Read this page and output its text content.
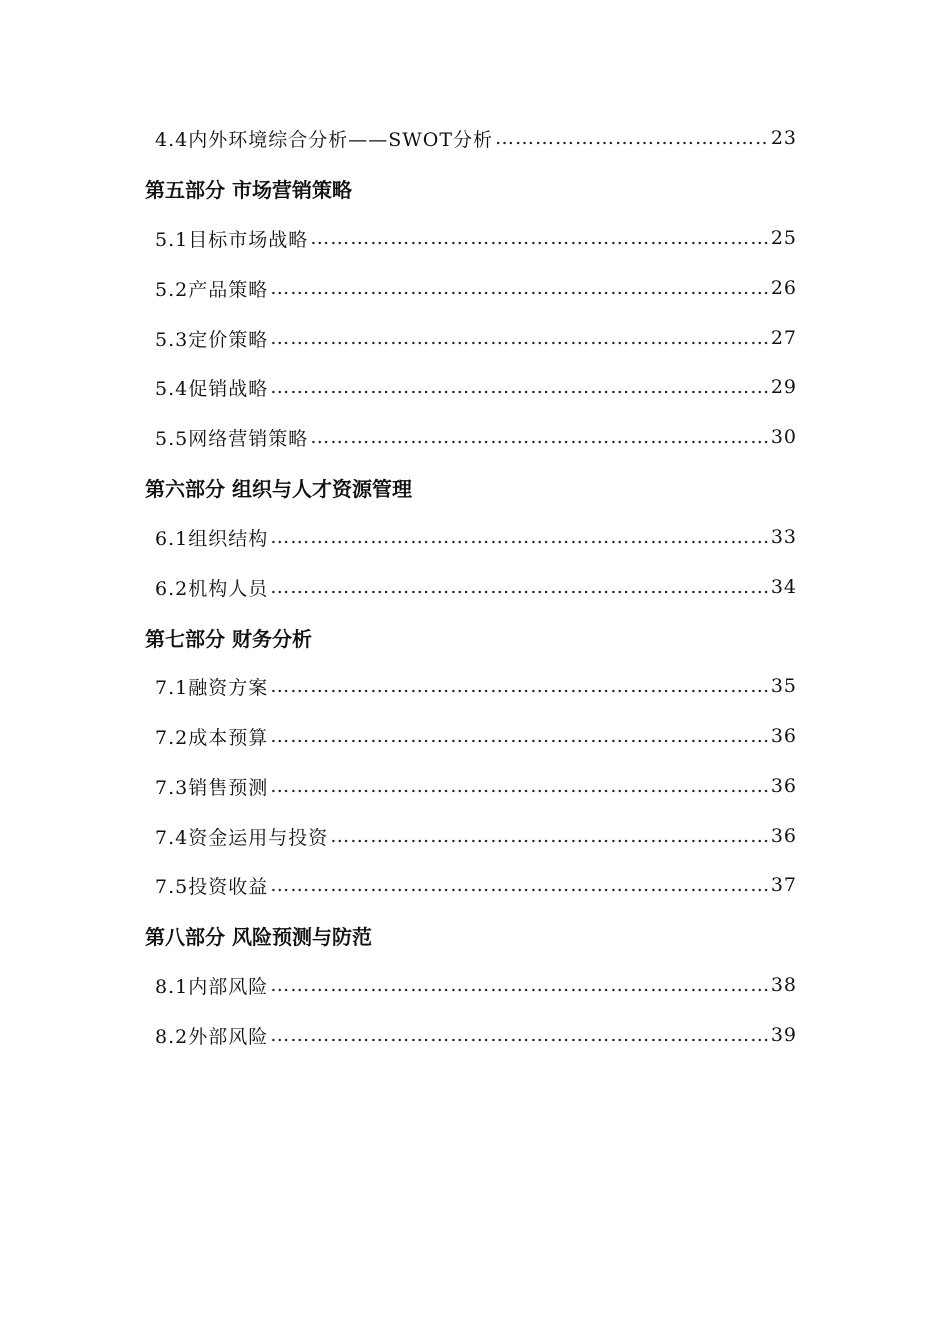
4.4内外环境综合分析——SWOT分析 …………………………………………………………………………………………………………………………………………………………………………	23
第五部分 市场营销策略
5.1目标市场战略 …………………………………………………………………………………………………………………………………………………………………………	25
5.2产品策略 …………………………………………………………………………………………………………………………………………………………………………	26
5.3定价策略 …………………………………………………………………………………………………………………………………………………………………………	27
5.4促销战略 …………………………………………………………………………………………………………………………………………………………………………	29
5.5网络营销策略 …………………………………………………………………………………………………………………………………………………………………………	30
第六部分 组织与人才资源管理
6.1组织结构 …………………………………………………………………………………………………………………………………………………………………………	33
6.2机构人员 …………………………………………………………………………………………………………………………………………………………………………	34
第七部分 财务分析
7.1融资方案 …………………………………………………………………………………………………………………………………………………………………………	35
7.2成本预算 …………………………………………………………………………………………………………………………………………………………………………	36
7.3销售预测 …………………………………………………………………………………………………………………………………………………………………………	36
7.4资金运用与投资 …………………………………………………………………………………………………………………………………………………………………………	36
7.5投资收益 …………………………………………………………………………………………………………………………………………………………………………	37
第八部分 风险预测与防范
8.1内部风险 …………………………………………………………………………………………………………………………………………………………………………	38
8.2外部风险 …………………………………………………………………………………………………………………………………………………………………………	39
